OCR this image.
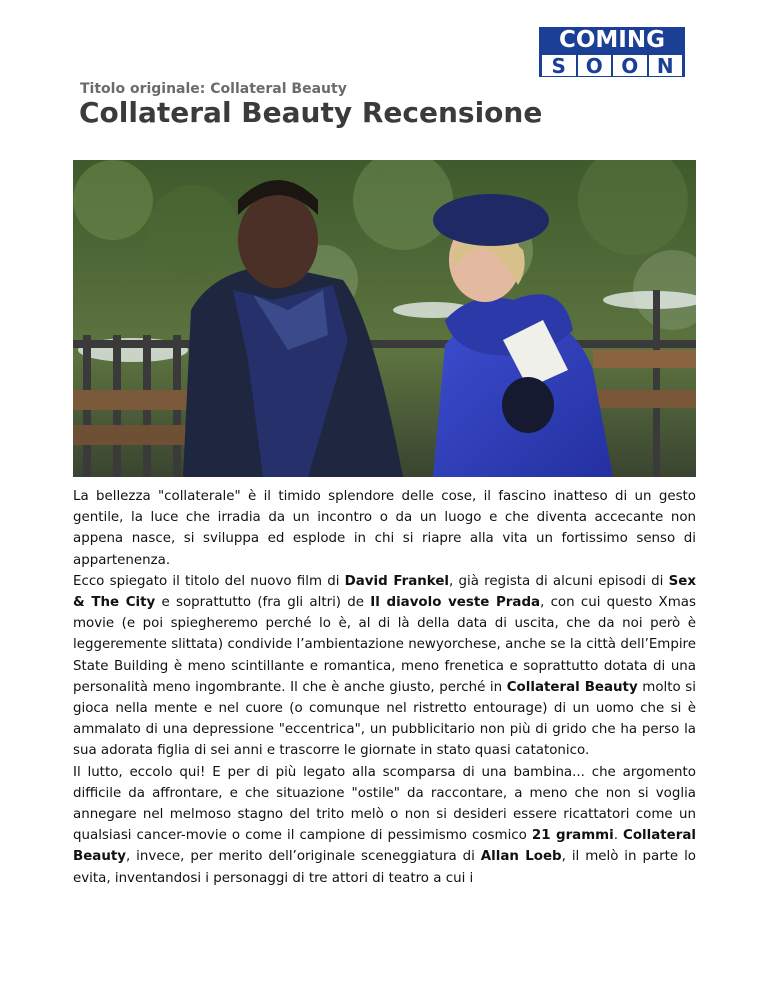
COMING
S O O N
Titolo originale: Collateral Beauty
Collateral Beauty Recensione
La bellezza "collaterale" è il timido splendore delle cose, il fascino inatteso di un gesto gentile, la luce che irradia da un incontro o da un luogo e che diventa accecante non appena nasce, si sviluppa ed esplode in chi si riapre alla vita un fortissimo senso di appartenenza.
Ecco spiegato il titolo del nuovo film di David Frankel, già regista di alcuni episodi di Sex & The City e soprattutto (fra gli altri) de Il diavolo veste Prada, con cui questo Xmas movie (e poi spiegheremo perché lo è, al di là della data di uscita, che da noi però è leggeremente slittata) condivide l’ambientazione newyorchese, anche se la città dell’Empire State Building è meno scintillante e romantica, meno frenetica e soprattutto dotata di una personalità meno ingombrante. Il che è anche giusto, perché in Collateral Beauty molto si gioca nella mente e nel cuore (o comunque nel ristretto entourage) di un uomo che si è ammalato di una depressione "eccentrica", un pubblicitario non più di grido che ha perso la sua adorata figlia di sei anni e trascorre le giornate in stato quasi catatonico.
Il lutto, eccolo qui! E per di più legato alla scomparsa di una bambina... che argomento difficile da affrontare, e che situazione "ostile" da raccontare, a meno che non si voglia annegare nel melmoso stagno del trito melò o non si desideri essere ricattatori come un qualsiasi cancer-movie o come il campione di pessimismo cosmico 21 grammi. Collateral Beauty, invece, per merito dell’originale sceneggiatura di Allan Loeb, il melò in parte lo evita, inventandosi i personaggi di tre attori di teatro a cui i
